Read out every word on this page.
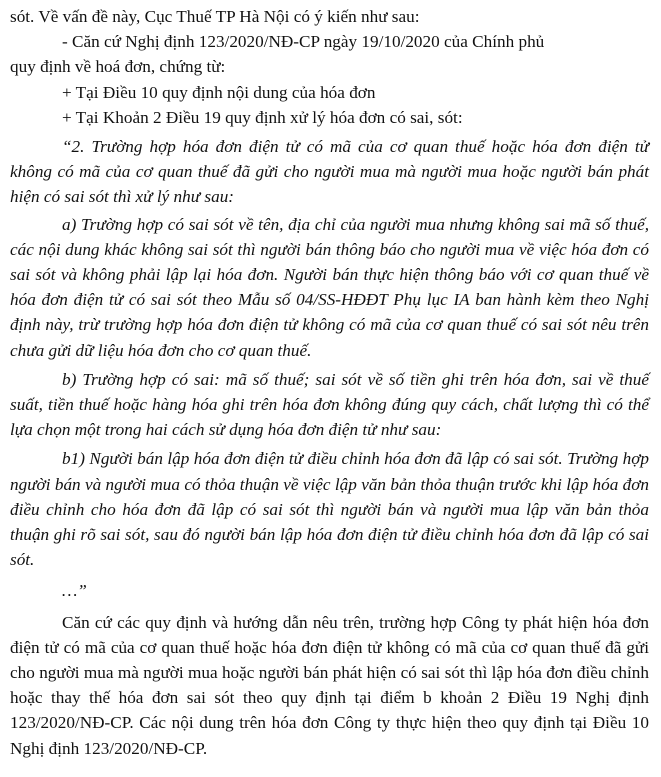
sót. Về vấn đề này, Cục Thuế TP Hà Nội có ý kiến như sau:
- Căn cứ Nghị định 123/2020/NĐ-CP ngày 19/10/2020 của Chính phủ
quy định về hoá đơn, chứng từ:
+ Tại Điều 10 quy định nội dung của hóa đơn
+ Tại Khoản 2 Điều 19 quy định xử lý hóa đơn có sai, sót:
“2. Trường hợp hóa đơn điện tử có mã của cơ quan thuế hoặc hóa đơn điện tử không có mã của cơ quan thuế đã gửi cho người mua mà người mua hoặc người bán phát hiện có sai sót thì xử lý như sau:
a) Trường hợp có sai sót về tên, địa chỉ của người mua nhưng không sai mã số thuế, các nội dung khác không sai sót thì người bán thông báo cho người mua về việc hóa đơn có sai sót và không phải lập lại hóa đơn. Người bán thực hiện thông báo với cơ quan thuế về hóa đơn điện tử có sai sót theo Mẫu số 04/SS-HĐĐT Phụ lục IA ban hành kèm theo Nghị định này, trừ trường hợp hóa đơn điện tử không có mã của cơ quan thuế có sai sót nêu trên chưa gửi dữ liệu hóa đơn cho cơ quan thuế.
b) Trường hợp có sai: mã số thuế; sai sót về số tiền ghi trên hóa đơn, sai về thuế suất, tiền thuế hoặc hàng hóa ghi trên hóa đơn không đúng quy cách, chất lượng thì có thể lựa chọn một trong hai cách sử dụng hóa đơn điện tử như sau:
b1) Người bán lập hóa đơn điện tử điều chỉnh hóa đơn đã lập có sai sót. Trường hợp người bán và người mua có thỏa thuận về việc lập văn bản thỏa thuận trước khi lập hóa đơn điều chỉnh cho hóa đơn đã lập có sai sót thì người bán và người mua lập văn bản thỏa thuận ghi rõ sai sót, sau đó người bán lập hóa đơn điện tử điều chỉnh hóa đơn đã lập có sai sót.
…”
Căn cứ các quy định và hướng dẫn nêu trên, trường hợp Công ty phát hiện hóa đơn điện tử có mã của cơ quan thuế hoặc hóa đơn điện tử không có mã của cơ quan thuế đã gửi cho người mua mà người mua hoặc người bán phát hiện có sai sót thì lập hóa đơn điều chỉnh hoặc thay thế hóa đơn sai sót theo quy định tại điểm b khoản 2 Điều 19 Nghị định 123/2020/NĐ-CP. Các nội dung trên hóa đơn Công ty thực hiện theo quy định tại Điều 10 Nghị định 123/2020/NĐ-CP.
